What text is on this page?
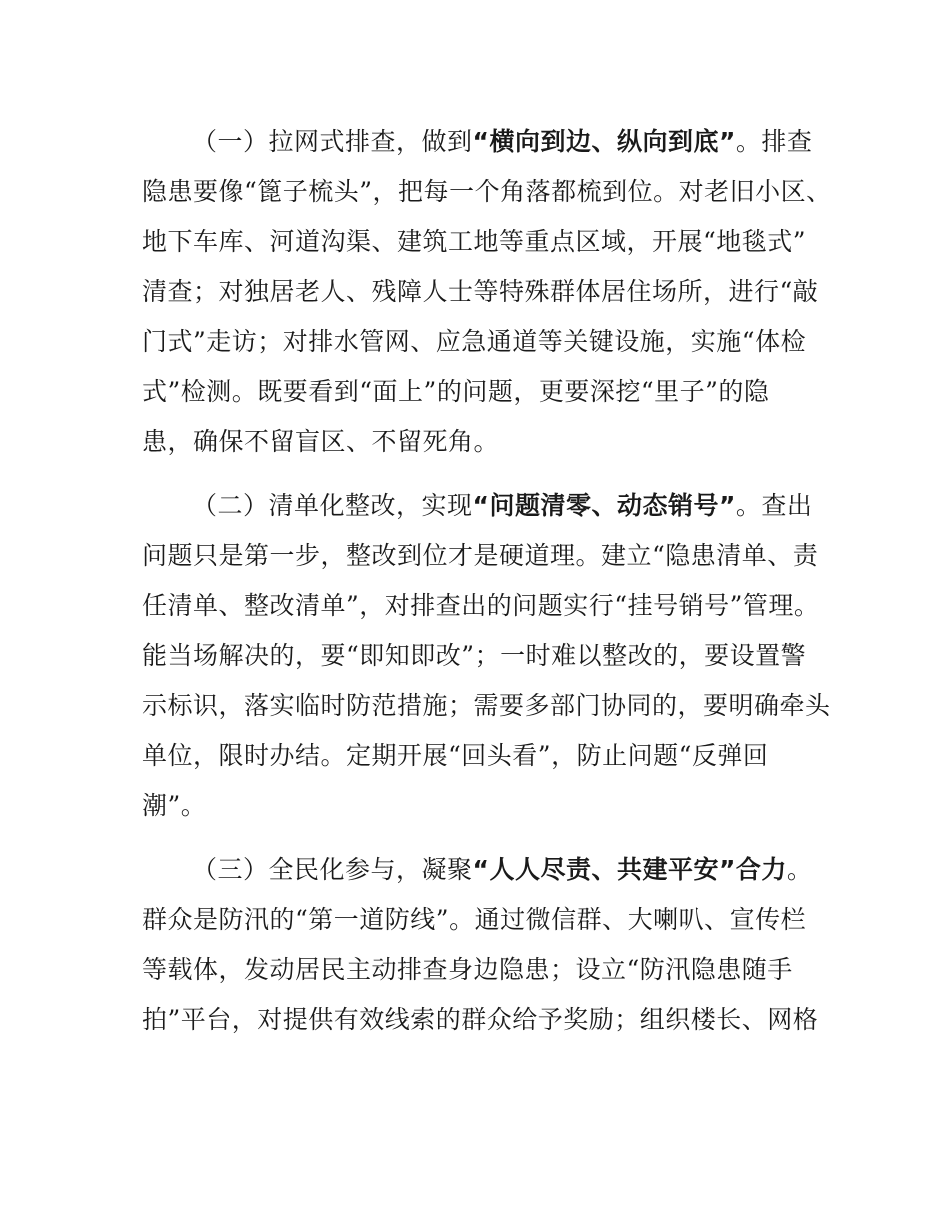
（一）拉网式排查，做到“横向到边、纵向到底”。排查
隐患要像“篦子梳头”，把每一个角落都梳到位。对老旧小区、
地下车库、河道沟渠、建筑工地等重点区域，开展“地毯式”
清查；对独居老人、残障人士等特殊群体居住场所，进行“敲
门式”走访；对排水管网、应急通道等关键设施，实施“体检
式”检测。既要看到“面上”的问题，更要深挖“里子”的隐
患，确保不留盲区、不留死角。
（二）清单化整改，实现“问题清零、动态销号”。查出
问题只是第一步，整改到位才是硬道理。建立“隐患清单、责
任清单、整改清单”，对排查出的问题实行“挂号销号”管理。
能当场解决的，要“即知即改”；一时难以整改的，要设置警
示标识，落实临时防范措施；需要多部门协同的，要明确牵头
单位，限时办结。定期开展“回头看”，防止问题“反弹回
潮”。
（三）全民化参与，凝聚“人人尽责、共建平安”合力。
群众是防汛的“第一道防线”。通过微信群、大喇叭、宣传栏
等载体，发动居民主动排查身边隐患；设立“防汛隐患随手
拍”平台，对提供有效线索的群众给予奖励；组织楼长、网格
